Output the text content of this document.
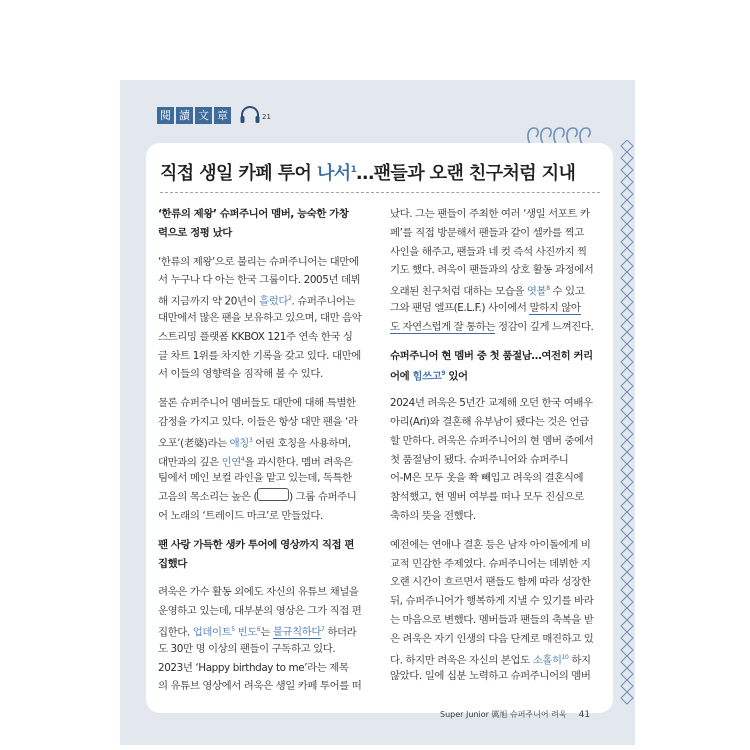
閱 讀 文 章	21
직접 생일 카페 투어 나서$^1$…팬들과 오랜 친구처럼 지내
‘한류의 제왕’ 슈퍼주니어 멤버, 능숙한 가창
력으로 정평 났다
‘한류의 제왕’으로 불리는 슈퍼주니어는 대만에
서 누구나 다 아는 한국 그룹이다. 2005년 데뷔
해 지금까지 약 20년이 흘렀다$^2$. 슈퍼주니어는
대만에서 많은 팬을 보유하고 있으며, 대만 음악
스트리밍 플랫폼 KKBOX 121주 연속 한국 싱
글 차트 1위를 차지한 기록을 갖고 있다. 대만에
서 이들의 영향력을 짐작해 볼 수 있다.
물론 슈퍼주니어 멤버들도 대만에 대해 특별한
감정을 가지고 있다. 이들은 항상 대만 팬을 ‘라
오포’(老婆)라는 애칭$^3$ 어린 호칭을 사용하며,
대만과의 깊은 인연$^4$을 과시한다. 멤버 려욱은
팀에서 메인 보컬 라인을 맡고 있는데, 독특한
고음의 목소리는 높은 (	) 그룹 슈퍼주니
어 노래의 ‘트레이드 마크’로 만들었다.
팬 사랑 가득한 생카 투어에 영상까지 직접 편
집했다
려욱은 가수 활동 외에도 자신의 유튜브 채널을
운영하고 있는데, 대부분의 영상은 그가 직접 편
집한다. 업데이트$^5$ 빈도$^6$는 불규칙하다$^7$ 하더라
도 30만 명 이상의 팬들이 구독하고 있다.
2023년 ‘Happy birthday to me’라는 제목
의 유튜브 영상에서 려욱은 생일 카페 투어를 떠
났다. 그는 팬들이 주최한 여러 ‘생일 서포트 카
페’를 직접 방문해서 팬들과 같이 셀카를 찍고
사인을 해주고, 팬들과 네 컷 즉석 사진까지 찍
기도 했다. 려욱이 팬들과의 상호 활동 과정에서
오래된 친구처럼 대하는 모습을 엿볼$^8$ 수 있고
그와 팬덤 엘프(E.L.F.) 사이에서 말하지 않아
도 자연스럽게 잘 통하는 정감이 깊게 느껴진다.
슈퍼주니어 현 멤버 중 첫 품절남…여전히 커리
어에 힘쓰고$^9$ 있어
2024년 려욱은 5년간 교제해 오던 한국 여배우
아리(Ari)와 결혼해 유부남이 됐다는 것은 언급
할 만하다. 려욱은 슈퍼주니어의 현 멤버 중에서
첫 품절남이 됐다. 슈퍼주니어와 슈퍼주니
어-M은 모두 옷을 쫙 빼입고 려욱의 결혼식에
참석했고, 현 멤버 여부를 떠나 모두 진심으로
축하의 뜻을 전했다.
예전에는 연애나 결혼 등은 남자 아이돌에게 비
교적 민감한 주제였다. 슈퍼주니어는 데뷔한 지
오랜 시간이 흐르면서 팬들도 함께 따라 성장한
뒤, 슈퍼주니어가 행복하게 지낼 수 있기를 바라
는 마음으로 변했다. 멤버들과 팬들의 축복을 받
은 려욱은 자기 인생의 다음 단계로 매진하고 있
다. 하지만 려욱은 자신의 본업도 소홀히$^{10}$ 하지
않았다. 일에 십분 노력하고 슈퍼주니어의 멤버
Super Junior 厲旭 슈퍼주니어 려욱 41
